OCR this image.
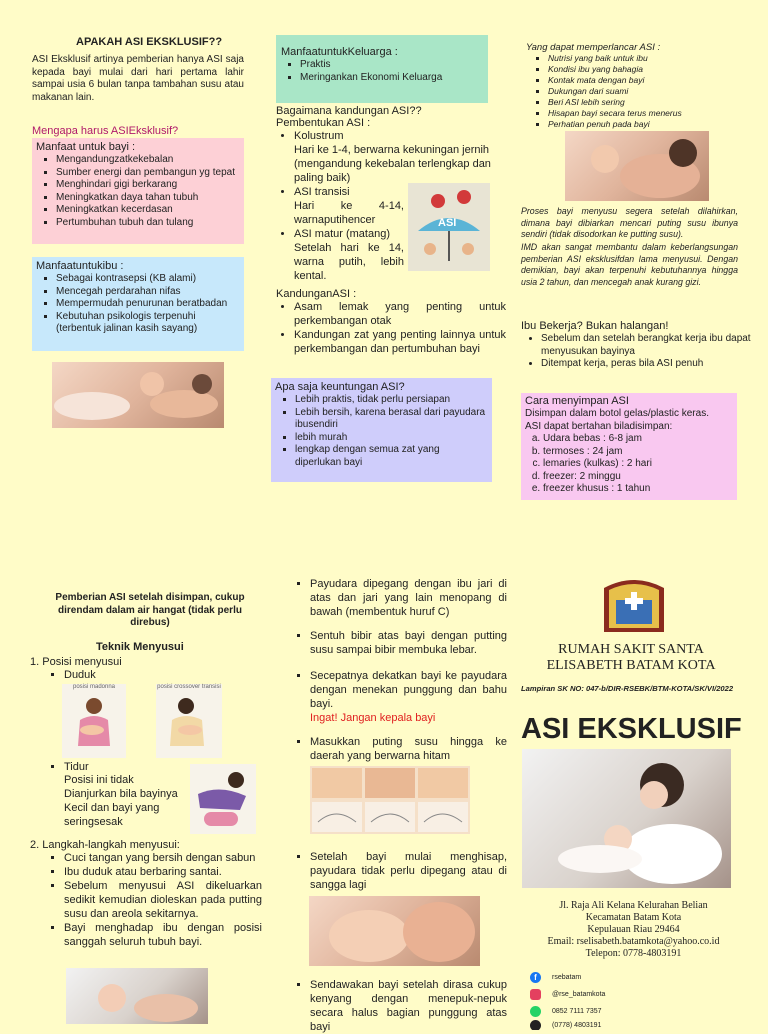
APAKAH ASI EKSKLUSIF??
ASI Eksklusif artinya pemberian hanya ASI saja kepada bayi mulai dari hari pertama lahir sampai usia 6 bulan tanpa tambahan susu atau makanan lain.
Mengapa harus ASIEksklusif?
Manfaat untuk bayi :
▪ Mengandungzatkekebalan
▪ Sumber energi dan pembangun yg tepat
▪ Menghindari gigi berkarang
▪ Meningkatkan daya tahan tubuh
▪ Meningkatkan kecerdasan
▪ Pertumbuhan tubuh dan tulang
Manfaatuntukibu :
▪ Sebagai kontrasepsi (KB alami)
▪ Mencegah perdarahan nifas
▪ Mempermudah penurunan beratbadan
▪ Kebutuhan psikologis terpenuhi (terbentuk jalinan kasih sayang)
ManfaatuntukKeluarga :
▪ Praktis
▪ Meringankan Ekonomi Keluarga
Bagaimana kandungan ASI??
Pembentukan ASI :
• Kolustrum
Hari ke 1-4, berwarna kekuningan jernih (mengandung kekebalan terlengkap dan paling baik)
• ASI transisi

Hari ke 4-14, warnaputihencer
• ASI matur (matang)

Setelah hari ke 14, warna putih, lebih kental.
ASI
KandunganASI :
• Asam lemak yang penting untuk perkembangan otak
• Kandungan zat yang penting lainnya untuk perkembangan dan pertumbuhan bayi
Apa saja keuntungan ASI?
▪ Lebih praktis, tidak perlu persiapan
▪ Lebih bersih, karena berasal dari payudara ibusendiri
▪ lebih murah
▪ lengkap dengan semua zat yang diperlukan bayi
Yang dapat memperlancar ASI :
▪ Nutrisi yang baik untuk ibu
▪ Kondisi ibu yang bahagia
▪ Kontak mata dengan bayi
▪ Dukungan dari suami
▪ Beri ASI lebih sering
▪ Hisapan bayi secara terus menerus
▪ Perhatian penuh pada bayi
Proses bayi menyusu segera setelah dilahirkan, dimana bayi dibiarkan mencari puting susu ibunya sendiri (tidak disodorkan ke putting susu).
IMD akan sangat membantu dalam keberlangsungan pemberian ASI eksklusifdan lama menyusui. Dengan demikian, bayi akan terpenuhi kebutuhannya hingga usia 2 tahun, dan mencegah anak kurang gizi.
Ibu Bekerja? Bukan halangan!
• Sebelum dan setelah berangkat kerja ibu dapat menyusukan bayinya
• Ditempat kerja, peras bila ASI penuh
Cara menyimpan ASI
Disimpan dalam botol gelas/plastic keras.
ASI dapat bertahan biladisimpan:
a. Udara bebas : 6-8 jam
b. termoses : 24 jam
c. lemaries (kulkas) : 2 hari
d. freezer: 2 minggu
e. freezer khusus : 1 tahun
Pemberian ASI setelah disimpan, cukup direndam dalam air hangat (tidak perlu direbus)
Teknik Menyusui
1. Posisi menyusui
▪ Duduk
posisi madonna	posisi crossover transisi
▪ Tidur
Posisi ini tidak Dianjurkan bila bayinya Kecil dan bayi yang seringsesak
2. Langkah-langkah menyusui:
▪ Cuci tangan yang bersih dengan sabun
▪ Ibu duduk atau berbaring santai.
▪ Sebelum menyusui ASI dikeluarkan sedikit kemudian dioleskan pada putting susu dan areola sekitarnya.
▪ Bayi menghadap ibu dengan posisi sanggah seluruh tubuh bayi.
▪ Payudara dipegang dengan ibu jari di atas dan jari yang lain menopang di bawah (membentuk huruf C)
▪ Sentuh bibir atas bayi dengan putting susu sampai bibir membuka lebar.
▪ Secepatnya dekatkan bayi ke payudara dengan menekan punggung dan bahu bayi.
Ingat! Jangan kepala bayi
▪ Masukkan puting susu hingga ke daerah yang berwarna hitam
▪ Setelah bayi mulai menghisap, payudara tidak perlu dipegang atau di sangga lagi
▪ Sendawakan bayi setelah dirasa cukup kenyang dengan menepuk-nepuk secara halus bagian punggung atas bayi
RUMAH SAKIT SANTA
ELISABETH BATAM KOTA
Lampiran SK NO: 047-b/DIR-RSEBK/BTM-KOTA/SK/VI/2022
ASI EKSKLUSIF
Jl. Raja Ali Kelana Kelurahan Belian
Kecamatan Batam Kota
Kepulauan Riau 29464
Email: rselisabeth.batamkota@yahoo.co.id
Telepon: 0778-4803191
f	rsebatam
@rse_batamkota
0852 7111 7357
(0778) 4803191
